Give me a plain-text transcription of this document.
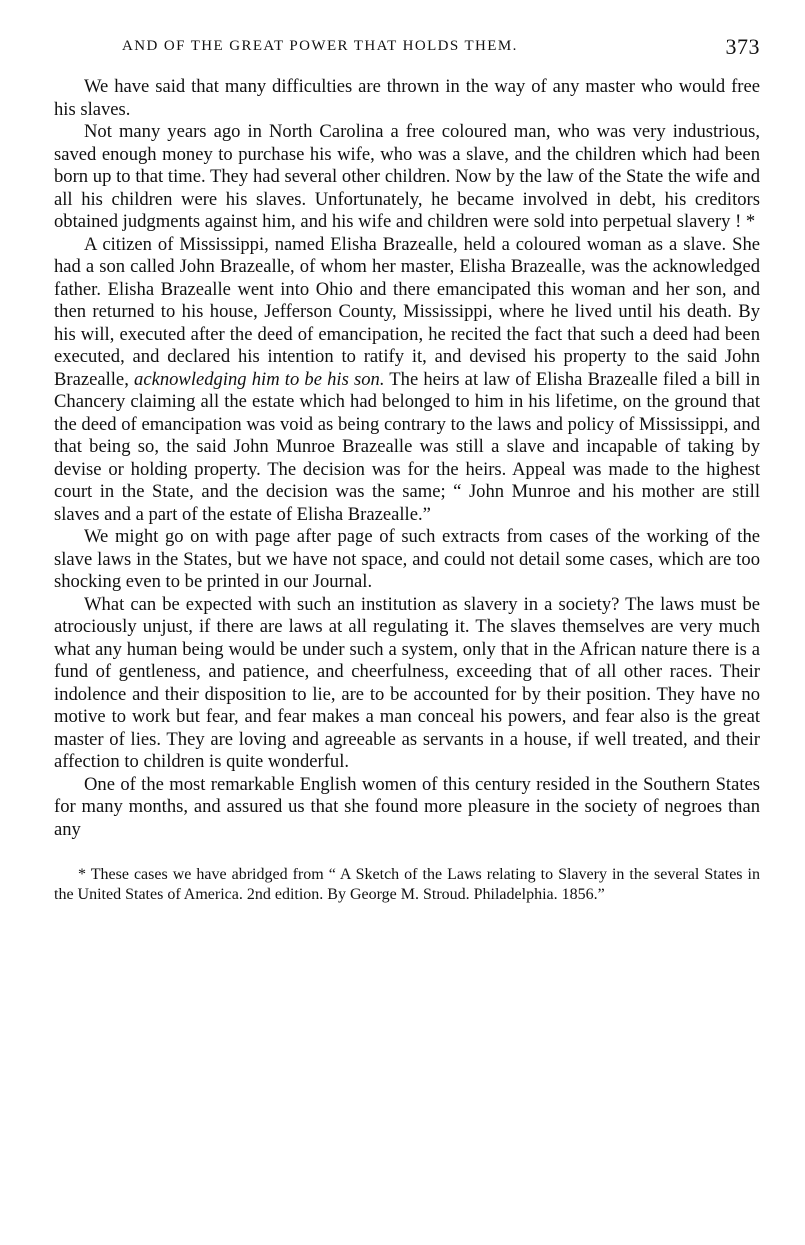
AND OF THE GREAT POWER THAT HOLDS THEM.	373

We have said that many difficulties are thrown in the way of any master who would free his slaves.

Not many years ago in North Carolina a free coloured man, who was very industrious, saved enough money to purchase his wife, who was a slave, and the children which had been born up to that time. They had several other children. Now by the law of the State the wife and all his children were his slaves. Unfortunately, he became involved in debt, his creditors obtained judgments against him, and his wife and children were sold into perpetual slavery ! *

A citizen of Mississippi, named Elisha Brazealle, held a coloured woman as a slave. She had a son called John Brazealle, of whom her master, Elisha Brazealle, was the acknowledged father. Elisha Brazealle went into Ohio and there emancipated this woman and her son, and then returned to his house, Jefferson County, Mississippi, where he lived until his death. By his will, executed after the deed of emancipation, he recited the fact that such a deed had been executed, and declared his intention to ratify it, and devised his property to the said John Brazealle, acknowledging him to be his son. The heirs at law of Elisha Brazealle filed a bill in Chancery claiming all the estate which had belonged to him in his lifetime, on the ground that the deed of emancipation was void as being contrary to the laws and policy of Mississippi, and that being so, the said John Munroe Brazealle was still a slave and incapable of taking by devise or holding property. The decision was for the heirs. Appeal was made to the highest court in the State, and the decision was the same; “ John Munroe and his mother are still slaves and a part of the estate of Elisha Brazealle.”

We might go on with page after page of such extracts from cases of the working of the slave laws in the States, but we have not space, and could not detail some cases, which are too shocking even to be printed in our Journal.

What can be expected with such an institution as slavery in a society? The laws must be atrociously unjust, if there are laws at all regulating it. The slaves themselves are very much what any human being would be under such a system, only that in the African nature there is a fund of gentleness, and patience, and cheerfulness, exceeding that of all other races. Their indolence and their disposition to lie, are to be accounted for by their position. They have no motive to work but fear, and fear makes a man conceal his powers, and fear also is the great master of lies. They are loving and agreeable as servants in a house, if well treated, and their affection to children is quite wonderful.

One of the most remarkable English women of this century resided in the Southern States for many months, and assured us that she found more pleasure in the society of negroes than any

* These cases we have abridged from “ A Sketch of the Laws relating to Slavery in the several States in the United States of America. 2nd edition. By George M. Stroud. Philadelphia. 1856.”
